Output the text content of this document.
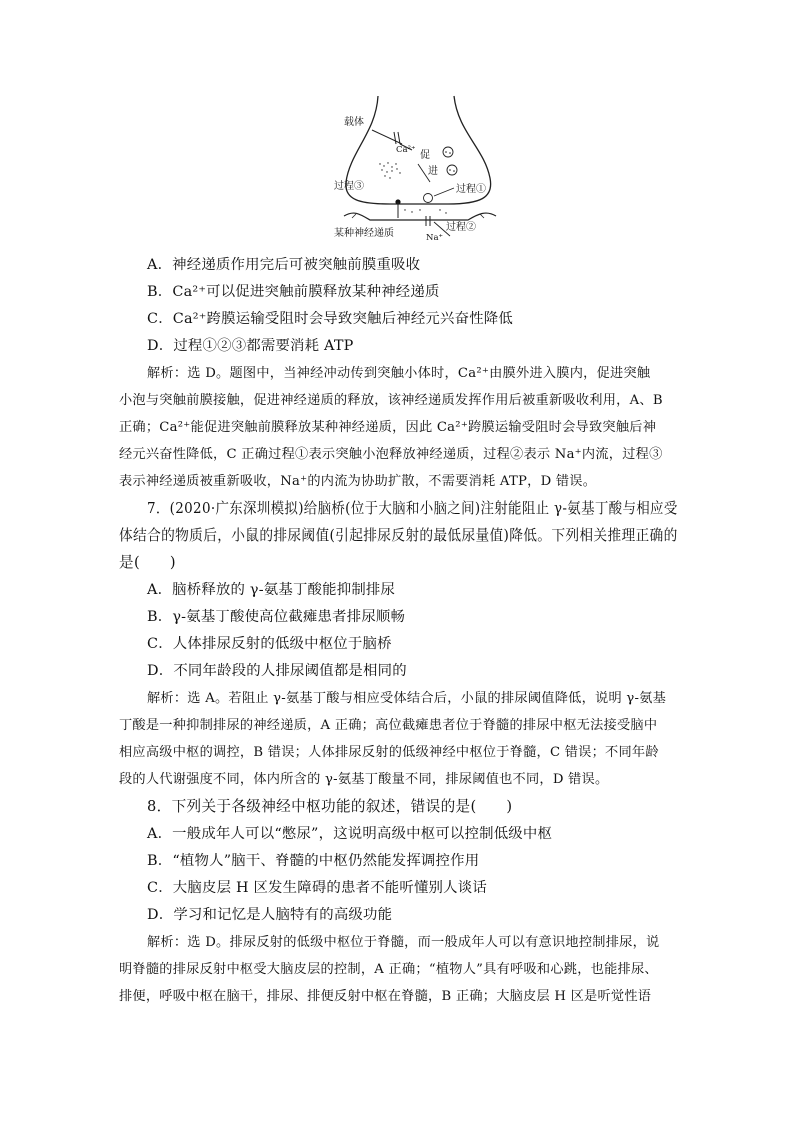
载体
Ca²⁺ 促
进
过程①
过程③
过程②
某种神经递质	Na⁺
A．神经递质作用完后可被突触前膜重吸收
B．Ca²⁺可以促进突触前膜释放某种神经递质
C．Ca²⁺跨膜运输受阻时会导致突触后神经元兴奋性降低
D．过程①②③都需要消耗 ATP
解析：选 D。题图中，当神经冲动传到突触小体时，Ca²⁺由膜外进入膜内，促进突触
小泡与突触前膜接触，促进神经递质的释放，该神经递质发挥作用后被重新吸收利用，A、B
正确；Ca²⁺能促进突触前膜释放某种神经递质，因此 Ca²⁺跨膜运输受阻时会导致突触后神
经元兴奋性降低，C 正确过程①表示突触小泡释放神经递质，过程②表示 Na⁺内流，过程③
表示神经递质被重新吸收，Na⁺的内流为协助扩散，不需要消耗 ATP，D 错误。
7．(2020·广东深圳模拟)给脑桥(位于大脑和小脑之间)注射能阻止 γ-氨基丁酸与相应受
体结合的物质后，小鼠的排尿阈值(引起排尿反射的最低尿量值)降低。下列相关推理正确的
是(　　)
A．脑桥释放的 γ-氨基丁酸能抑制排尿
B．γ-氨基丁酸使高位截瘫患者排尿顺畅
C．人体排尿反射的低级中枢位于脑桥
D．不同年龄段的人排尿阈值都是相同的
解析：选 A。若阻止 γ-氨基丁酸与相应受体结合后，小鼠的排尿阈值降低，说明 γ-氨基
丁酸是一种抑制排尿的神经递质，A 正确；高位截瘫患者位于脊髓的排尿中枢无法接受脑中
相应高级中枢的调控，B 错误；人体排尿反射的低级神经中枢位于脊髓，C 错误；不同年龄
段的人代谢强度不同，体内所含的 γ-氨基丁酸量不同，排尿阈值也不同，D 错误。
8．下列关于各级神经中枢功能的叙述，错误的是(　　)
A．一般成年人可以“憋尿”，这说明高级中枢可以控制低级中枢
B．“植物人”脑干、脊髓的中枢仍然能发挥调控作用
C．大脑皮层 H 区发生障碍的患者不能听懂别人谈话
D．学习和记忆是人脑特有的高级功能
解析：选 D。排尿反射的低级中枢位于脊髓，而一般成年人可以有意识地控制排尿，说
明脊髓的排尿反射中枢受大脑皮层的控制，A 正确；“植物人”具有呼吸和心跳，也能排尿、
排便，呼吸中枢在脑干，排尿、排便反射中枢在脊髓，B 正确；大脑皮层 H 区是听觉性语
